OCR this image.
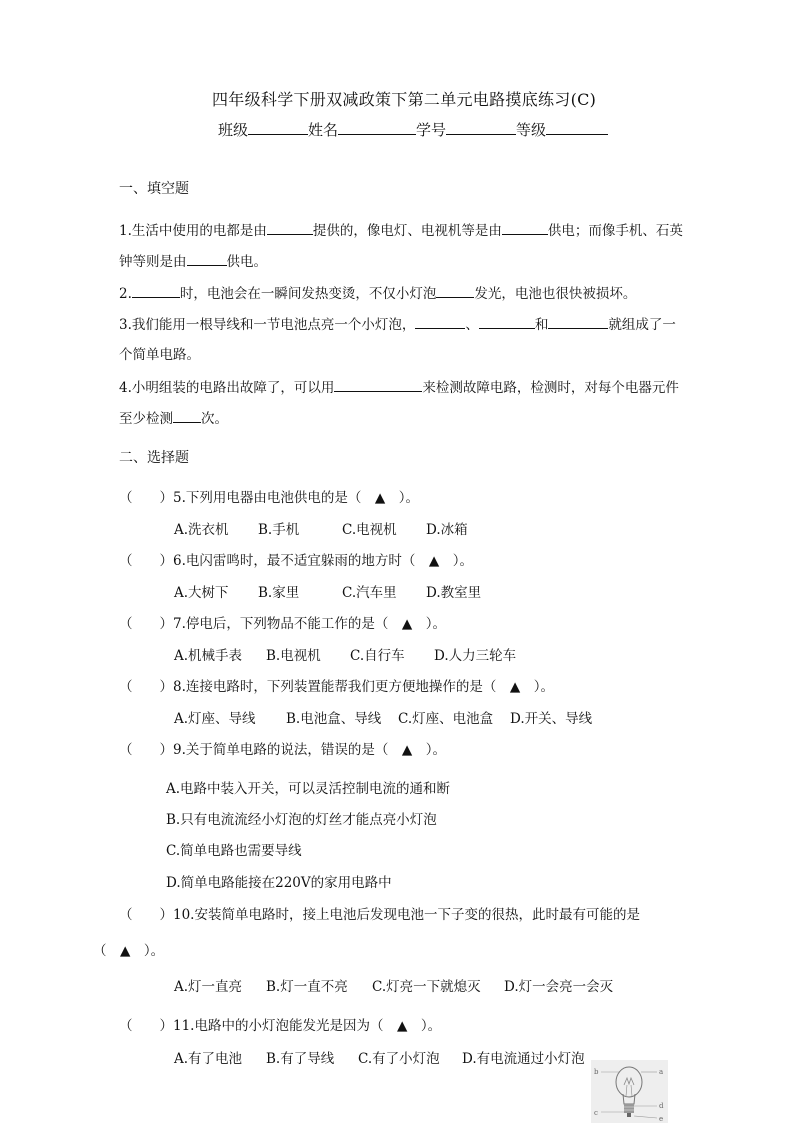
四年级科学下册双减政策下第二单元电路摸底练习(C)
班级	姓名	学号	等级
一、填空题
1.生活中使用的电都是由	提供的，像电灯、电视机等是由	供电；而像手机、石英
钟等则是由	供电。
2.	时，电池会在一瞬间发热变烫，不仅小灯泡	发光，电池也很快被损坏。
3.我们能用一根导线和一节电池点亮一个小灯泡，	、	和	就组成了一
个简单电路。
4.小明组装的电路出故障了，可以用	来检测故障电路，检测时，对每个电器元件
至少检测 次。
二、选择题
（　　）5.下列用电器由电池供电的是（　▲　）。
A.洗衣机 B.手机	C.电视机 D.冰箱
（　　）6.电闪雷鸣时，最不适宜躲雨的地方时（　▲　）。
A.大树下 B.家里	C.汽车里 D.教室里
（　　）7.停电后，下列物品不能工作的是（　▲　）。
A.机械手表 B.电视机 C.自行车 D.人力三轮车
（　　）8.连接电路时，下列装置能帮我们更方便地操作的是（　▲　）。
A.灯座、导线 B.电池盒、导线 C.灯座、电池盒 D.开关、导线
（　　）9.关于简单电路的说法，错误的是（　▲　）。
A.电路中装入开关，可以灵活控制电流的通和断
B.只有电流流经小灯泡的灯丝才能点亮小灯泡
C.简单电路也需要导线
D.简单电路能接在220V的家用电路中
（　　）10.安装简单电路时，接上电池后发现电池一下子变的很热，此时最有可能的是
（　▲　）。
A.灯一直亮 B.灯一直不亮 C.灯亮一下就熄灭 D.灯一会亮一会灭
（　　）11.电路中的小灯泡能发光是因为（　▲　）。
A.有了电池 B.有了导线 C.有了小灯泡 D.有电流通过小灯泡
b	a
c
d
e
